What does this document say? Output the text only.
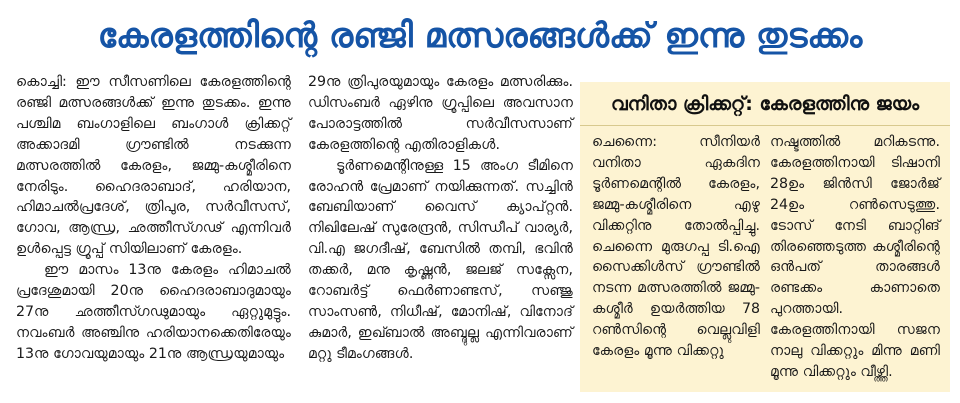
കേരളത്തിന്റെ രഞ്ജി മത്സരങ്ങൾക്ക് ഇന്നു തുടക്കം

കൊച്ചി: ഈ സീസണിലെ കേരളത്തിന്റെ രഞ്ജി മത്സരങ്ങൾക്ക് ഇന്നു തുടക്കം. ഇന്നു പശ്ചിമ ബംഗാളിലെ ബംഗാൾ ക്രിക്കറ്റ് അക്കാദമി ഗ്രൗണ്ടിൽ നടക്കുന്ന മത്സരത്തിൽ കേരളം, ജമ്മു-കശ്മീരിനെ നേരിടും. ഹൈദരാബാദ്, ഹരിയാന, ഹിമാചൽപ്രദേശ്, ത്രിപുര, സർവീസസ്, ഗോവ, ആന്ധ്ര, ഛത്തീസ്ഗഢ് എന്നിവർ ഉൾപ്പെട്ട ഗ്രൂപ്പ് സിയിലാണ് കേരളം.

ഈ മാസം 13നു കേരളം ഹിമാചൽ പ്രദേശുമായി 20നു ഹൈദരാബാദുമായും 27നു ഛത്തീസ്ഗഢുമായും ഏറ്റുമുട്ടും. നവംബർ അഞ്ചിനു ഹരിയാനക്കെതിരേയും 13നു ഗോവയുമായും 21നു ആന്ധ്രയുമായും

29നു ത്രിപുരയുമായും കേരളം മത്സരിക്കും. ഡിസംബർ ഏഴിനു ഗ്രൂപ്പിലെ അവസാന പോരാട്ടത്തിൽ സർവീസസാണ് കേരളത്തിന്റെ എതിരാളികൾ.

ടൂർണമെന്റിനുള്ള 15 അംഗ ടീമിനെ രോഹൻ പ്രേമാണ് നയിക്കുന്നത്. സച്ചിൻ ബേബിയാണ് വൈസ് ക്യാപ്റ്റൻ. നിഖിലേഷ് സുരേന്ദ്രൻ, സിന്ധീപ് വാര്യർ, വി.എ ജഗദീഷ്, ബേസിൽ തമ്പി, ഭവിൻ തക്കർ, മനു കൃഷ്ണൻ, ജലജ് സക്സേന, റോബർട്ട് ഫെർണാണ്ടസ്, സഞ്ജു സാംസൺ, നിധീഷ്, മോനിഷ്, വിനോദ് കുമാർ, ഇഖ്ബാൽ അബ്ദുല്ല എന്നിവരാണ് മറ്റു ടീമംഗങ്ങൾ.

വനിതാ ക്രിക്കറ്റ്: കേരളത്തിനു ജയം
ചെന്നൈ: സീനിയർ വനിതാ ഏകദിന ടൂർണമെന്റിൽ കേരളം, ജമ്മു-കശ്മീരിനെ എഴു വിക്കറ്റിനു തോൽപ്പിച്ചു. ചെന്നൈ മുരുഗപ്പ ടി.ഐ സൈക്കിൾസ് ഗ്രൗണ്ടിൽ നടന്ന മത്സരത്തിൽ ജമ്മു-കശ്മീർ ഉയർത്തിയ 78 റൺസിന്റെ വെല്ലുവിളി കേരളം മൂന്നു വിക്കറ്റു
നഷ്ടത്തിൽ മറികടന്നു. കേരളത്തിനായി ടിഷാനി 28ഉം ജിൻസി ജോർജ് 24ഉം റൺസെടുത്തു. ടോസ് നേടി ബാറ്റിങ് തിരഞ്ഞെടുത്ത കശ്മീരിന്റെ ഒൻപത് താരങ്ങൾ രണ്ടക്കം കാണാതെ പുറത്തായി. കേരളത്തിനായി സജന നാലു വിക്കറ്റും മിന്നു മണി മൂന്നു വിക്കറ്റും വീഴ്ത്തി.
